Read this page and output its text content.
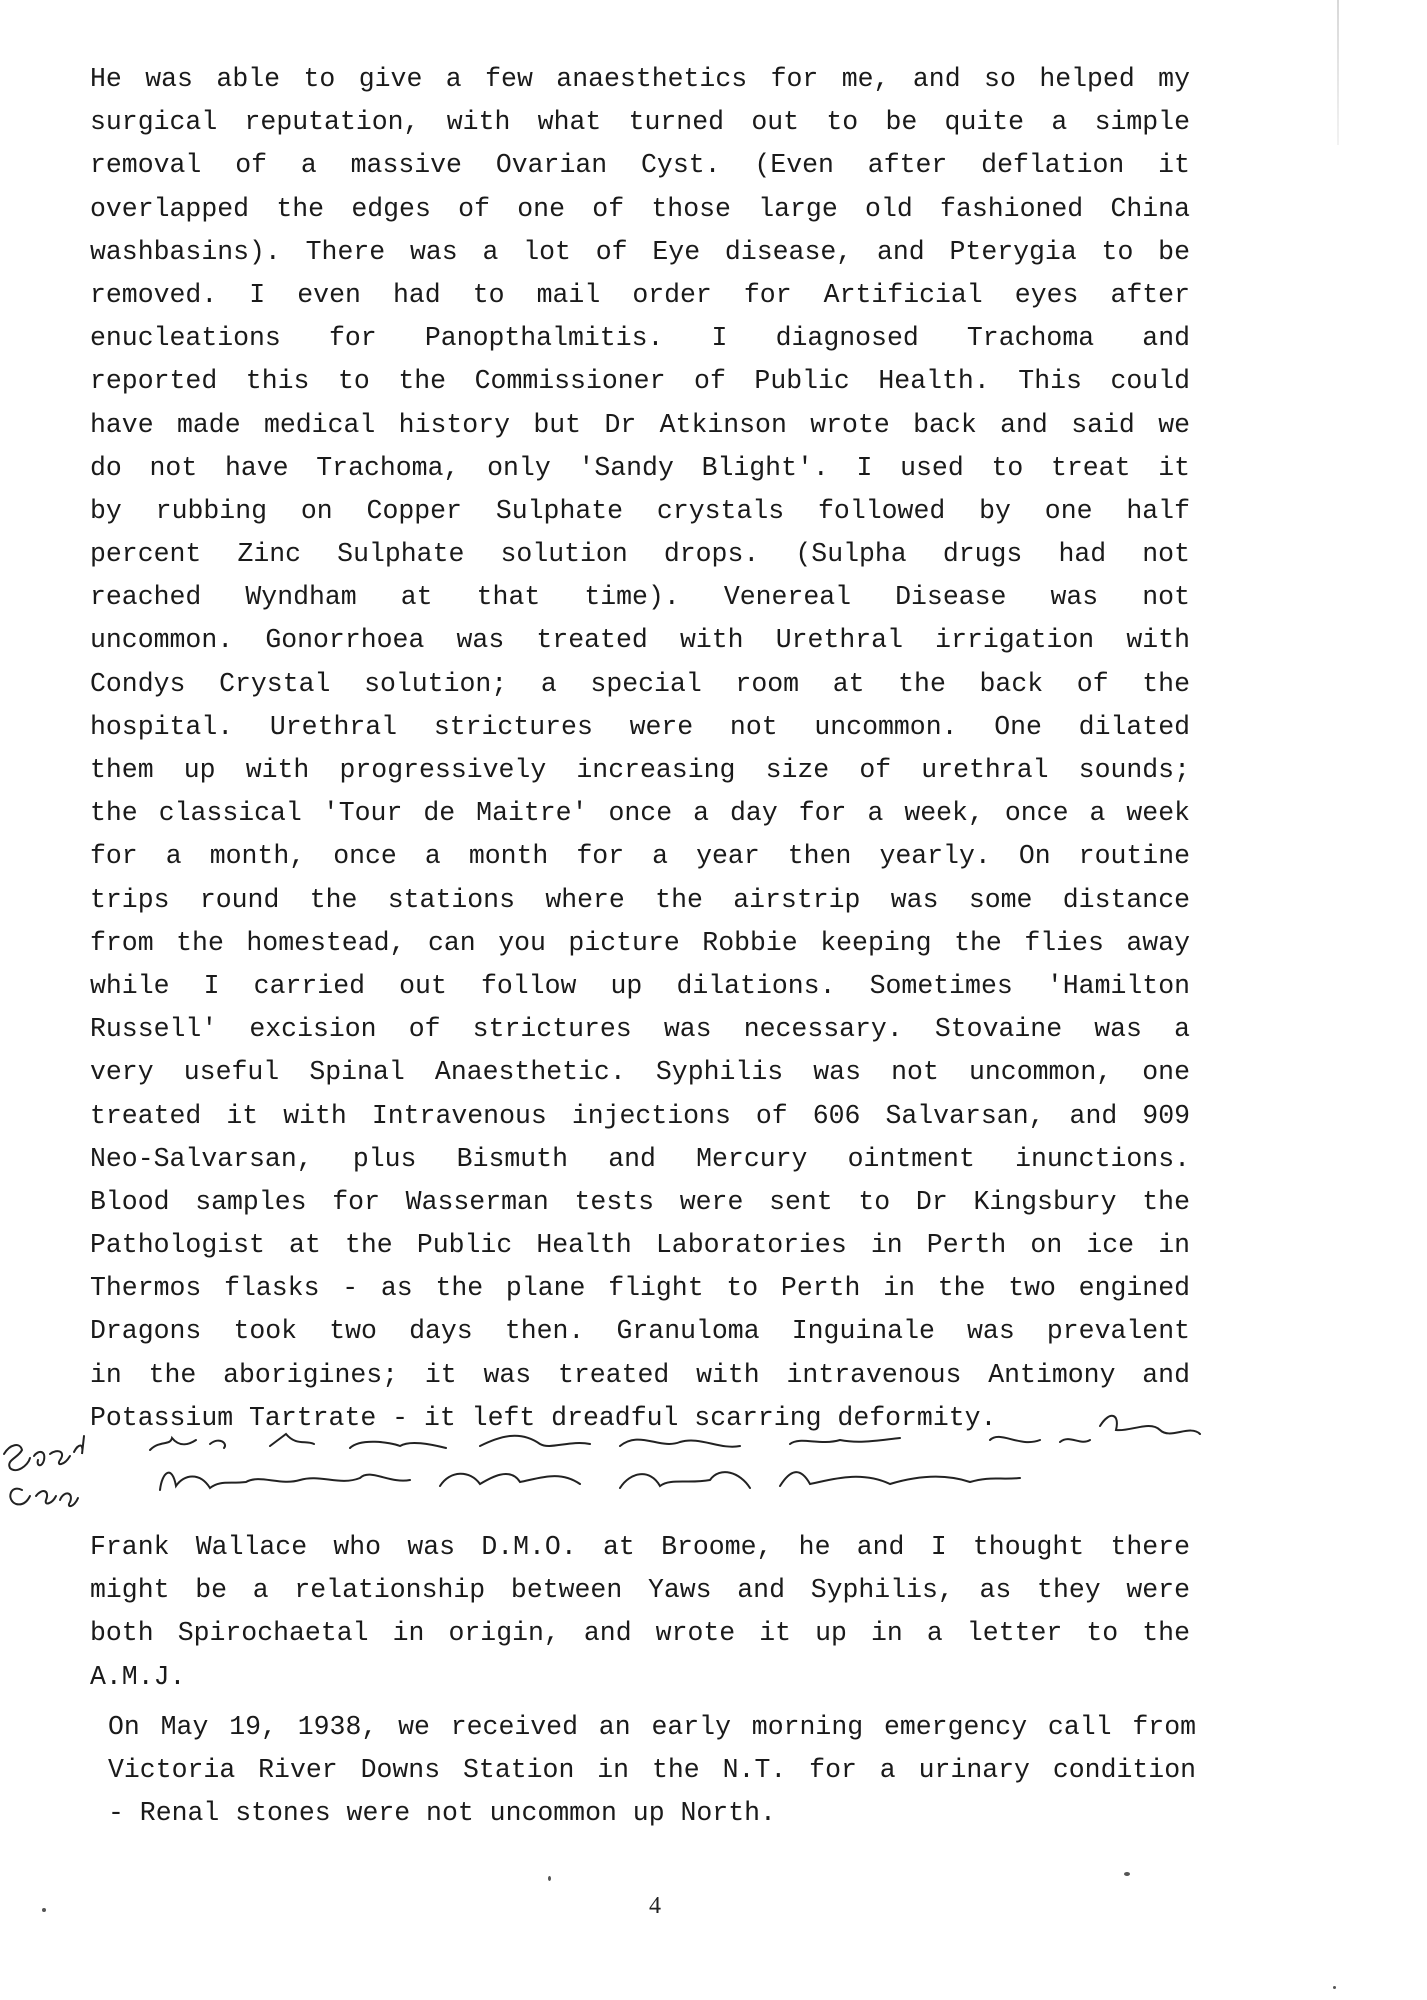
He was able to give a few anaesthetics for me, and so helped my
surgical reputation, with what turned out to be quite a simple
removal of a massive Ovarian Cyst. (Even after deflation it
overlapped the edges of one of those large old fashioned China
washbasins). There was a lot of Eye disease, and Pterygia to be
removed. I even had to mail order for Artificial eyes after
enucleations for Panopthalmitis. I diagnosed Trachoma and
reported this to the Commissioner of Public Health. This could
have made medical history but Dr Atkinson wrote back and said we
do not have Trachoma, only 'Sandy Blight'. I used to treat it
by rubbing on Copper Sulphate crystals followed by one half
percent Zinc Sulphate solution drops. (Sulpha drugs had not
reached Wyndham at that time). Venereal Disease was not
uncommon. Gonorrhoea was treated with Urethral irrigation with
Condys Crystal solution; a special room at the back of the
hospital. Urethral strictures were not uncommon. One dilated
them up with progressively increasing size of urethral sounds;
the classical 'Tour de Maitre' once a day for a week, once a week
for a month, once a month for a year then yearly. On routine
trips round the stations where the airstrip was some distance
from the homestead, can you picture Robbie keeping the flies away
while I carried out follow up dilations. Sometimes 'Hamilton
Russell' excision of strictures was necessary. Stovaine was a
very useful Spinal Anaesthetic. Syphilis was not uncommon, one
treated it with Intravenous injections of 606 Salvarsan, and 909
Neo-Salvarsan, plus Bismuth and Mercury ointment inunctions.
Blood samples for Wasserman tests were sent to Dr Kingsbury the
Pathologist at the Public Health Laboratories in Perth on ice in
Thermos flasks - as the plane flight to Perth in the two engined
Dragons took two days then. Granuloma Inguinale was prevalent
in the aborigines; it was treated with intravenous Antimony and
Potassium Tartrate - it left dreadful scarring deformity.
Frank Wallace who was D.M.O. at Broome, he and I thought there
might be a relationship between Yaws and Syphilis, as they were
both Spirochaetal in origin, and wrote it up in a letter to the
A.M.J.
On May 19, 1938, we received an early morning emergency call from
Victoria River Downs Station in the N.T. for a urinary condition
- Renal stones were not uncommon up North.
4
